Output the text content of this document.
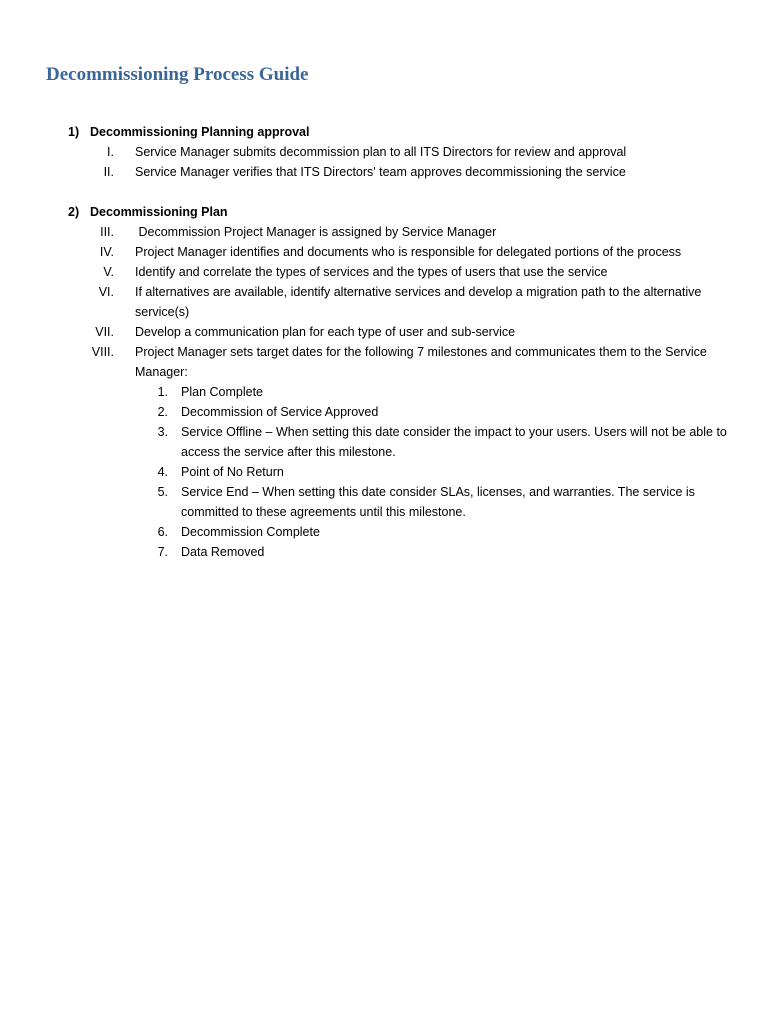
Decommissioning Process Guide
1) Decommissioning Planning approval
I. Service Manager submits decommission plan to all ITS Directors for review and approval
II. Service Manager verifies that ITS Directors' team approves decommissioning the service
2) Decommissioning Plan
III. Decommission Project Manager is assigned by Service Manager
IV. Project Manager identifies and documents who is responsible for delegated portions of the process
V. Identify and correlate the types of services and the types of users that use the service
VI. If alternatives are available, identify alternative services and develop a migration path to the alternative service(s)
VII. Develop a communication plan for each type of user and sub-service
VIII. Project Manager sets target dates for the following 7 milestones and communicates them to the Service Manager:
1. Plan Complete
2. Decommission of Service Approved
3. Service Offline – When setting this date consider the impact to your users. Users will not be able to access the service after this milestone.
4. Point of No Return
5. Service End – When setting this date consider SLAs, licenses, and warranties. The service is committed to these agreements until this milestone.
6. Decommission Complete
7. Data Removed
